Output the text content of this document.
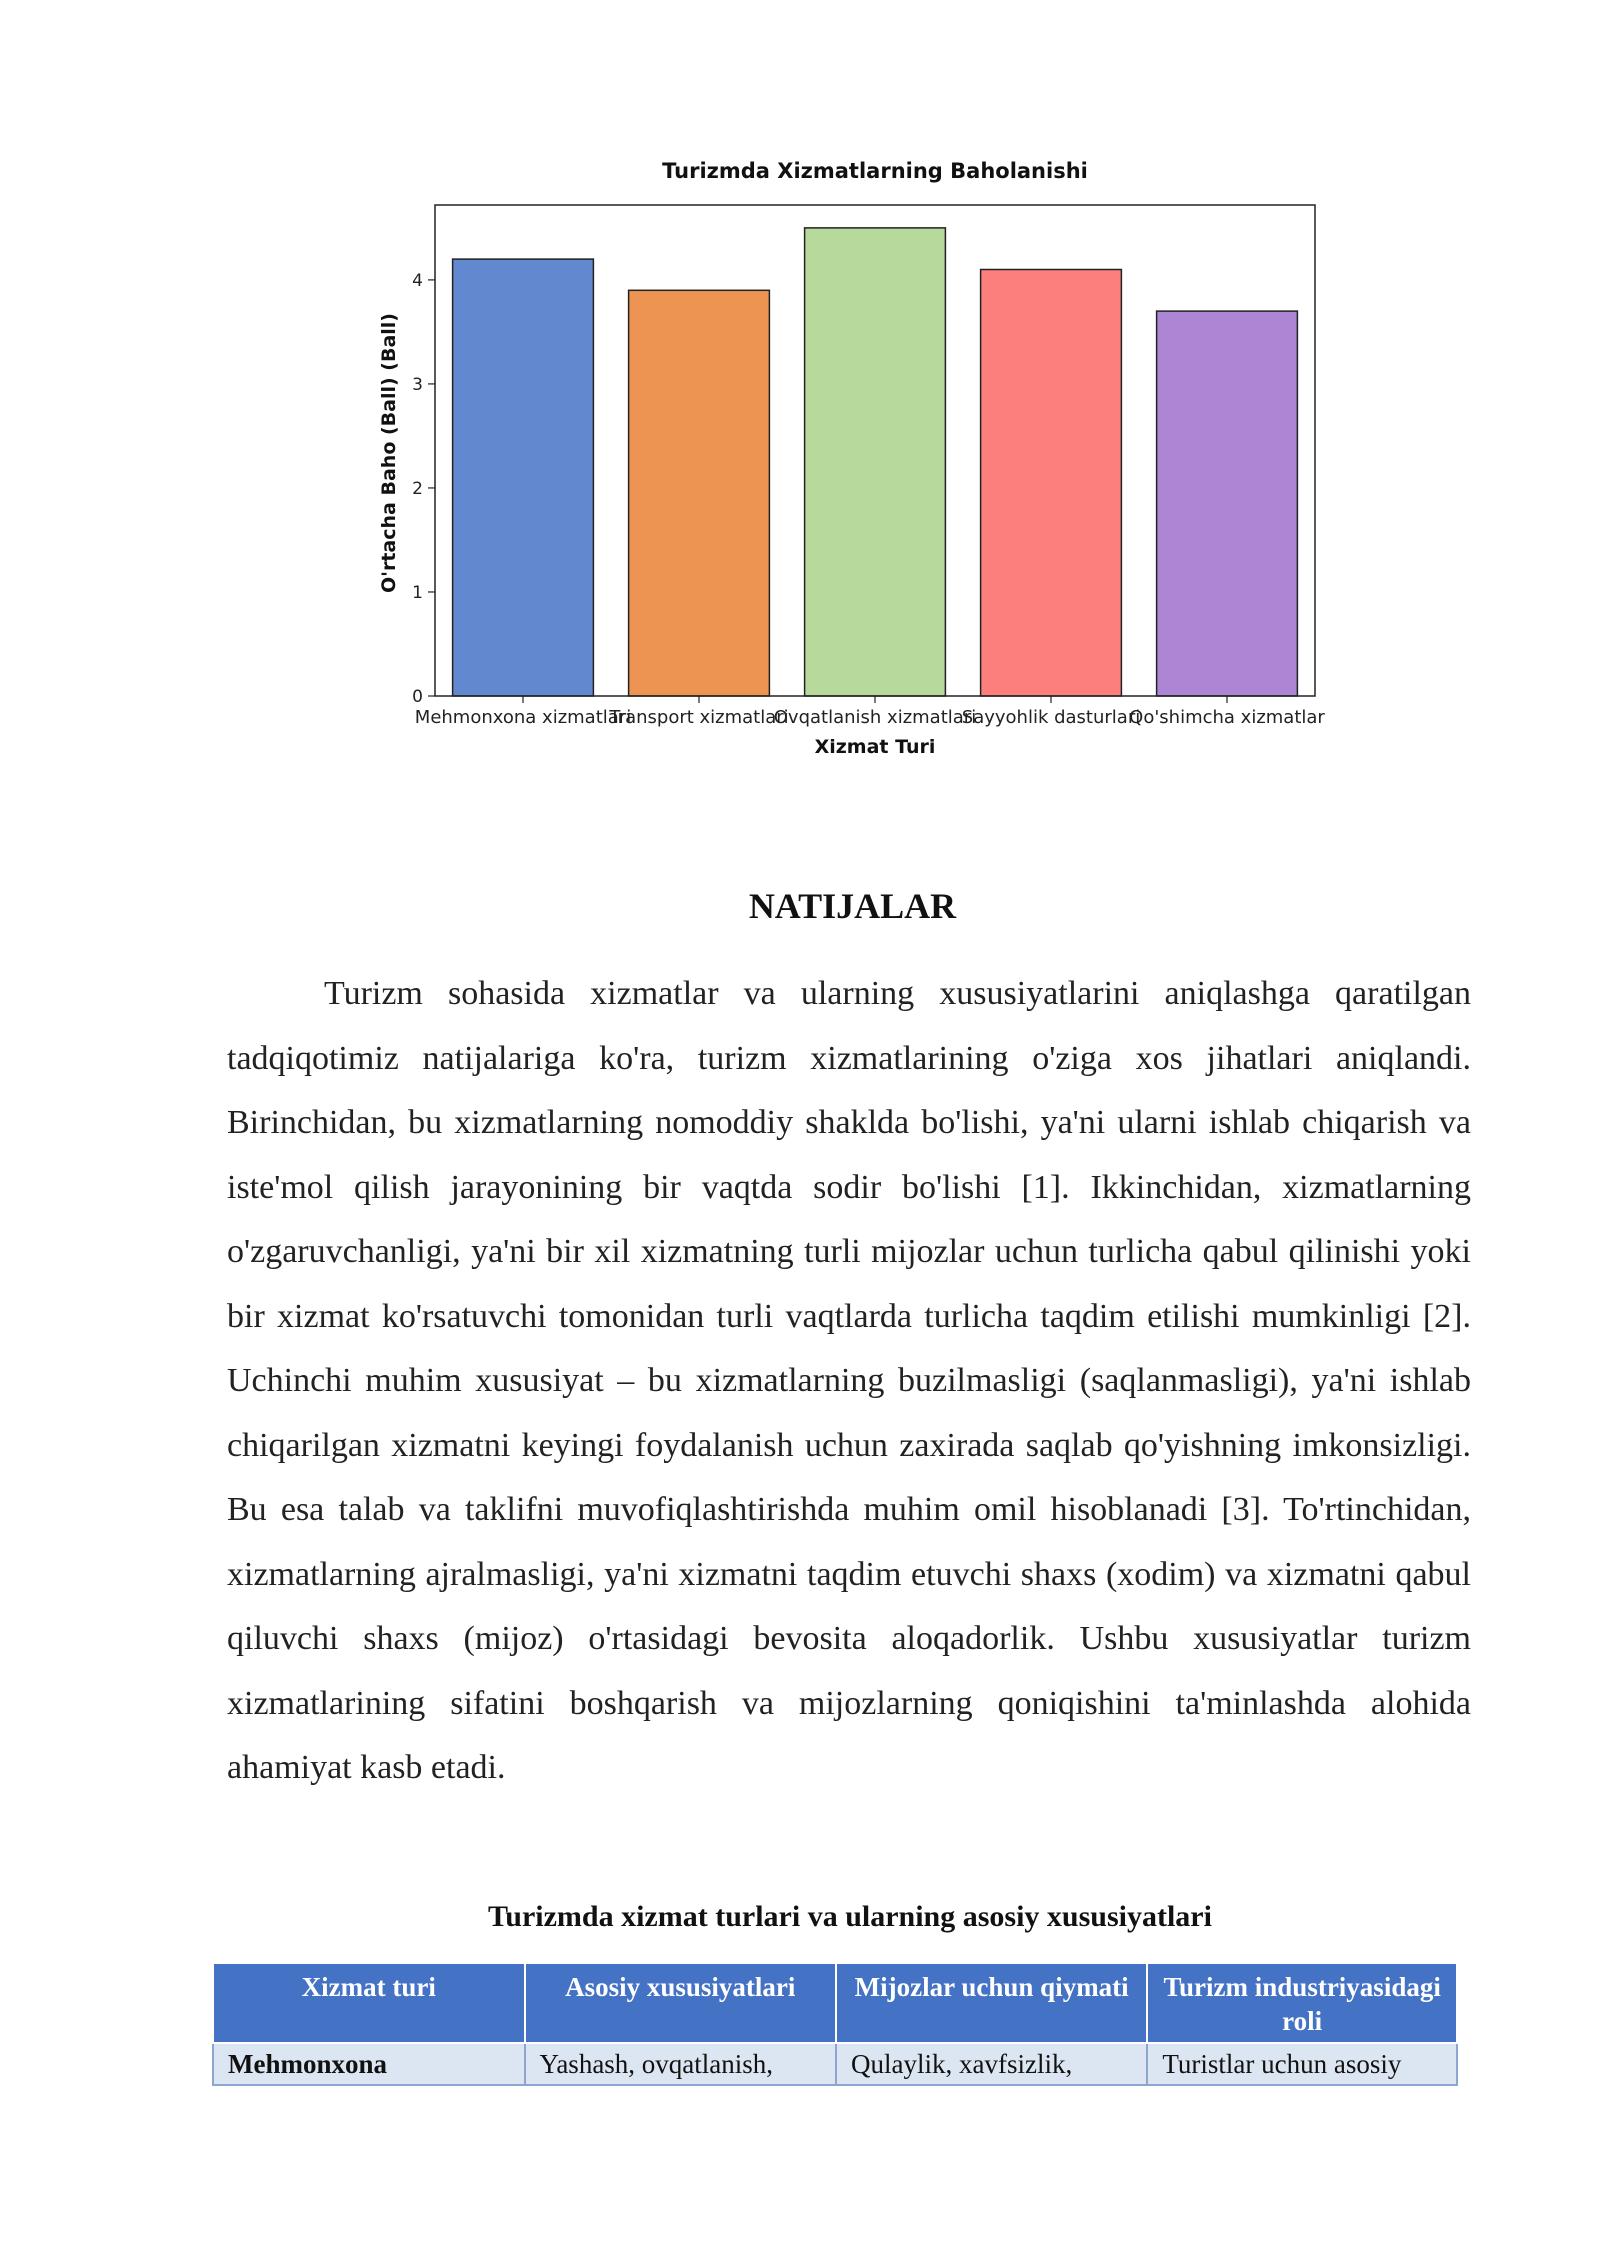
Turizmda Xizmatlarning Baholanishi
O'rtacha Baho (Ball) (Ball)
Xizmat Turi
0
1
2
3
4
Mehmonxona xizmatlari
Transport xizmatlari
Ovqatlanish xizmatlari
Sayyohlik dasturlari
Qo'shimcha xizmatlar
NATIJALAR

Turizm sohasida xizmatlar va ularning xususiyatlarini aniqlashga qaratilgan tadqiqotimiz natijalariga ko'ra, turizm xizmatlarining o'ziga xos jihatlari aniqlandi. Birinchidan, bu xizmatlarning nomoddiy shaklda bo'lishi, ya'ni ularni ishlab chiqarish va iste'mol qilish jarayonining bir vaqtda sodir bo'lishi [1]. Ikkinchidan, xizmatlarning o'zgaruvchanligi, ya'ni bir xil xizmatning turli mijozlar uchun turlicha qabul qilinishi yoki bir xizmat ko'rsatuvchi tomonidan turli vaqtlarda turlicha taqdim etilishi mumkinligi [2]. Uchinchi muhim xususiyat – bu xizmatlarning buzilmasligi (saqlanmasligi), ya'ni ishlab chiqarilgan xizmatni keyingi foydalanish uchun zaxirada saqlab qo'yishning imkonsizligi. Bu esa talab va taklifni muvofiqlashtirishda muhim omil hisoblanadi [3]. To'rtinchidan, xizmatlarning ajralmasligi, ya'ni xizmatni taqdim etuvchi shaxs (xodim) va xizmatni qabul qiluvchi shaxs (mijoz) o'rtasidagi bevosita aloqadorlik. Ushbu xususiyatlar turizm xizmatlarining sifatini boshqarish va mijozlarning qoniqishini ta'minlashda alohida ahamiyat kasb etadi.

Turizmda xizmat turlari va ularning asosiy xususiyatlari
Xizmat turi	Asosiy xususiyatlari	Mijozlar uchun qiymati	Turizm industriyasidagi roli
Mehmonxona	Yashash, ovqatlanish,	Qulaylik, xavfsizlik,	Turistlar uchun asosiy
